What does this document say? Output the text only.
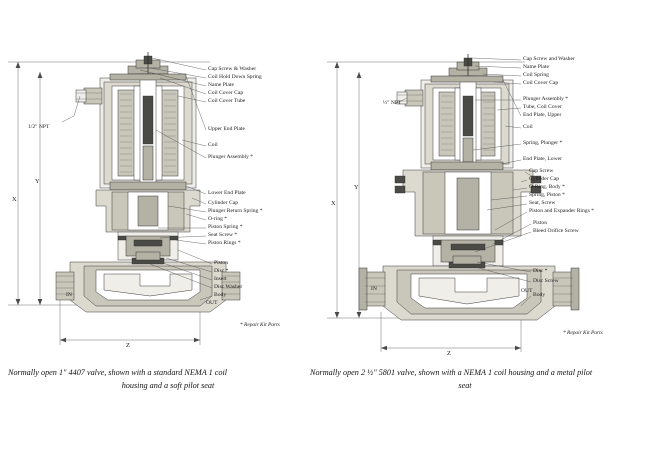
X
Y
Z
IN
OUT
1/2" NPT
Cap Screw & Washer
Coil Hold Down Spring
Name Plate
Coil Cover Cap
Coil Cover Tube
Upper End Plate
Coil
Plunger Assembly *
Lower End Plate
Cylinder Cap
Plunger Return Spring *
O-ring *
Piston Spring *
Seat Screw *
Piston Rings *
Piston
Disc *
Insert
Disc Washer
Body
* Repair Kit Parts
X
Y
Z
IN	OUT
½" NPT
Cap Screw and Washer
Name Plate
Coil Spring
Coil Cover Cap
Plunger Assembly *
Tube, Coil Cover
End Plate, Upper
Coil
Spring, Plunger *
End Plate, Lower
Cap Screw
Cylinder Cap
O-Ring, Body *
Spring, Piston *
Seat, Screw
Piston and Expander Rings *
Piston
Bleed Orifice Screw
Disc *
Disc Screw
Body
* Repair Kit Parts
Normally open 1" 4407 valve, shown with a standard NEMA 1 coil
housing and a soft pilot seat
Normally open 2 ½" 5801 valve, shown with a NEMA 1 coil housing and a metal pilot
seat
